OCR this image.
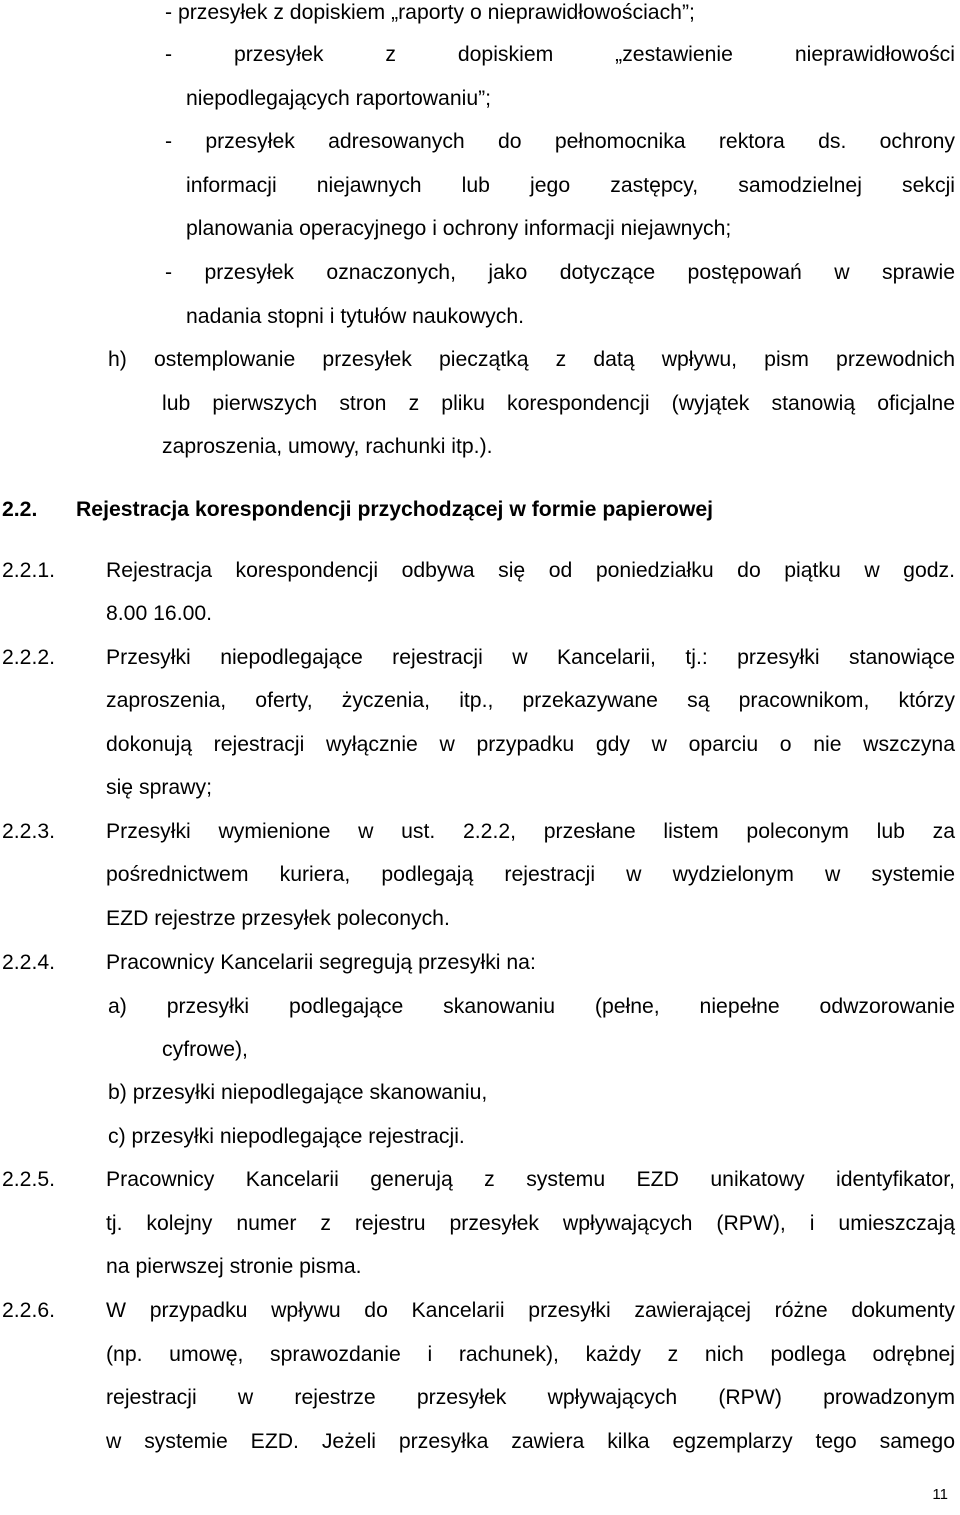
- przesyłek z dopiskiem „raporty o nieprawidłowościach”;
- przesyłek z dopiskiem „zestawienie nieprawidłowości
niepodlegających raportowaniu”;
- przesyłek adresowanych do pełnomocnika rektora ds. ochrony
informacji niejawnych lub jego zastępcy, samodzielnej sekcji
planowania operacyjnego i ochrony informacji niejawnych;
- przesyłek oznaczonych, jako dotyczące postępowań w sprawie
nadania stopni i tytułów naukowych.
h) ostemplowanie przesyłek pieczątką z datą wpływu, pism przewodnich
lub pierwszych stron z pliku korespondencji (wyjątek stanowią oficjalne
zaproszenia, umowy, rachunki itp.).
2.2. Rejestracja korespondencji przychodzącej w formie papierowej
2.2.1. Rejestracja korespondencji odbywa się od poniedziałku do piątku w godz.
8.00 16.00.
2.2.2. Przesyłki niepodlegające rejestracji w Kancelarii, tj.: przesyłki stanowiące
zaproszenia, oferty, życzenia, itp., przekazywane są pracownikom, którzy
dokonują rejestracji wyłącznie w przypadku gdy w oparciu o nie wszczyna
się sprawy;
2.2.3. Przesyłki wymienione w ust. 2.2.2, przesłane listem poleconym lub za
pośrednictwem kuriera, podlegają rejestracji w wydzielonym w systemie
EZD rejestrze przesyłek poleconych.
2.2.4. Pracownicy Kancelarii segregują przesyłki na:
a) przesyłki podlegające skanowaniu (pełne, niepełne odwzorowanie
cyfrowe),
b) przesyłki niepodlegające skanowaniu,
c) przesyłki niepodlegające rejestracji.
2.2.5. Pracownicy Kancelarii generują z systemu EZD unikatowy identyfikator,
tj. kolejny numer z rejestru przesyłek wpływających (RPW), i umieszczają
na pierwszej stronie pisma.
2.2.6. W przypadku wpływu do Kancelarii przesyłki zawierającej różne dokumenty
(np. umowę, sprawozdanie i rachunek), każdy z nich podlega odrębnej
rejestracji w rejestrze przesyłek wpływających (RPW) prowadzonym
w systemie EZD. Jeżeli przesyłka zawiera kilka egzemplarzy tego samego
11
